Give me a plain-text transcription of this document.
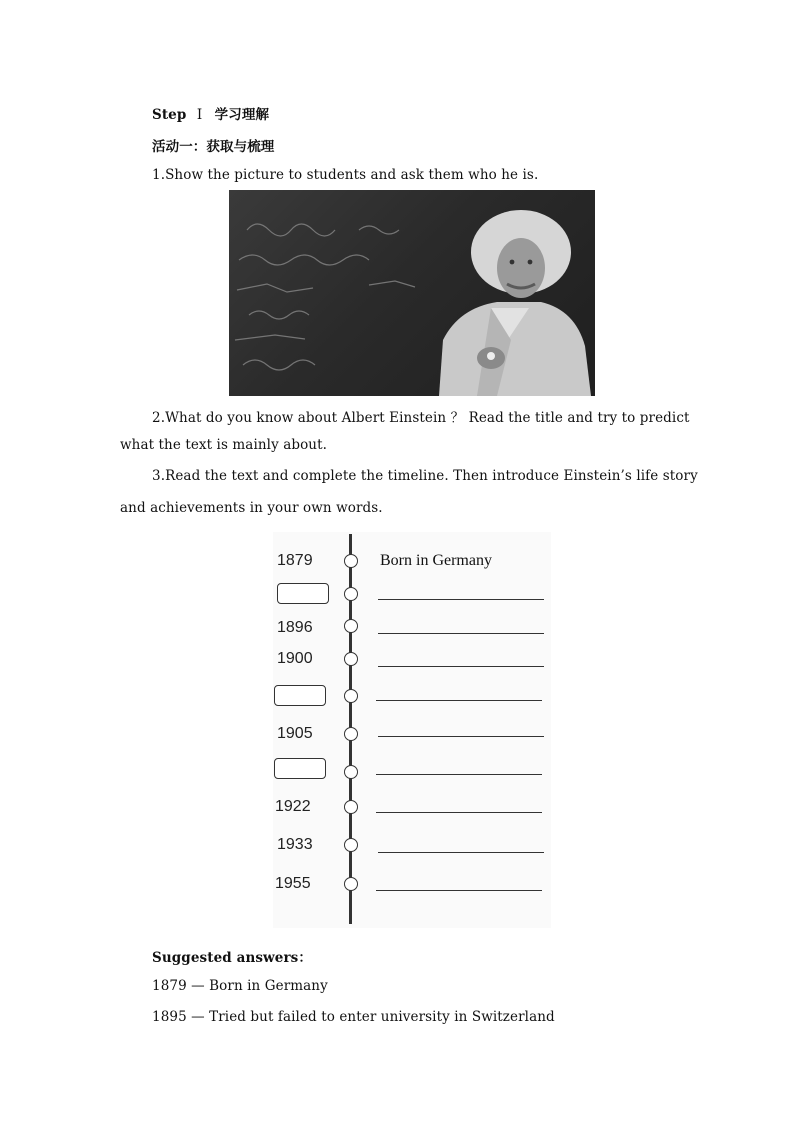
Step Ⅰ 学习理解
活动一：获取与梳理
1.Show the picture to students and ask them who he is.
2.What do you know about Albert Einstein ？ Read the title and try to predict
what the text is mainly about.
3.Read the text and complete the timeline. Then introduce Einstein’s life story
and achievements in your own words.
1879	Born in Germany
1896
1900
1905
1922
1933
1955
Suggested answers：
1879 — Born in Germany
1895 — Tried but failed to enter university in Switzerland
